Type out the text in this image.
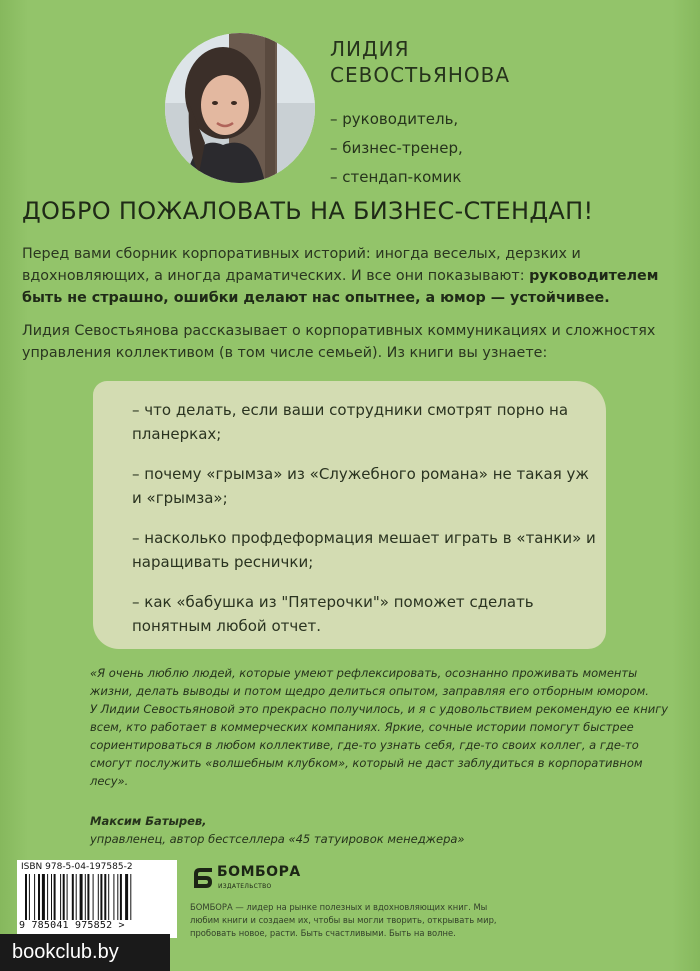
ЛИДИЯ
СЕВОСТЬЯНОВА
– руководитель,
– бизнес-тренер,
– стендап-комик
ДОБРО ПОЖАЛОВАТЬ НА БИЗНЕС-СТЕНДАП!

Перед вами сборник корпоративных историй: иногда веселых, дерзких и вдохновляющих, а иногда драматических. И все они показывают: руководителем быть не страшно, ошибки делают нас опытнее, а юмор — устойчивее.

Лидия Севостьянова рассказывает о корпоративных коммуникациях и сложностях управления коллективом (в том числе семьей). Из книги вы узнаете:

– что делать, если ваши сотрудники смотрят порно на планерках;
– почему «грымза» из «Служебного романа» не такая уж и «грымза»;
– насколько профдеформация мешает играть в «танки» и наращивать реснички;
– как «бабушка из "Пятерочки"» поможет сделать понятным любой отчет.
«Я очень люблю людей, которые умеют рефлексировать, осознанно проживать моменты жизни, делать выводы и потом щедро делиться опытом, заправляя его отборным юмором.
У Лидии Севостьяновой это прекрасно получилось, и я с удовольствием рекомендую ее книгу всем, кто работает в коммерческих компаниях. Яркие, сочные истории помогут быстрее сориентироваться в любом коллективе, где-то узнать себя, где-то своих коллег, а где-то смогут послужить «волшебным клубком», который не даст заблудиться в корпоративном лесу».
Максим Батырев,
управленец, автор бестселлера «45 татуировок менеджера»
ISBN 978-5-04-197585-2
9 785041 975852 >
БОМБОРА
ИЗДАТЕЛЬСТВО
БОМБОРА — лидер на рынке полезных и вдохновляющих книг. Мы любим книги и создаем их, чтобы вы могли творить, открывать мир, пробовать новое, расти. Быть счастливыми. Быть на волне.
bookclub.by
